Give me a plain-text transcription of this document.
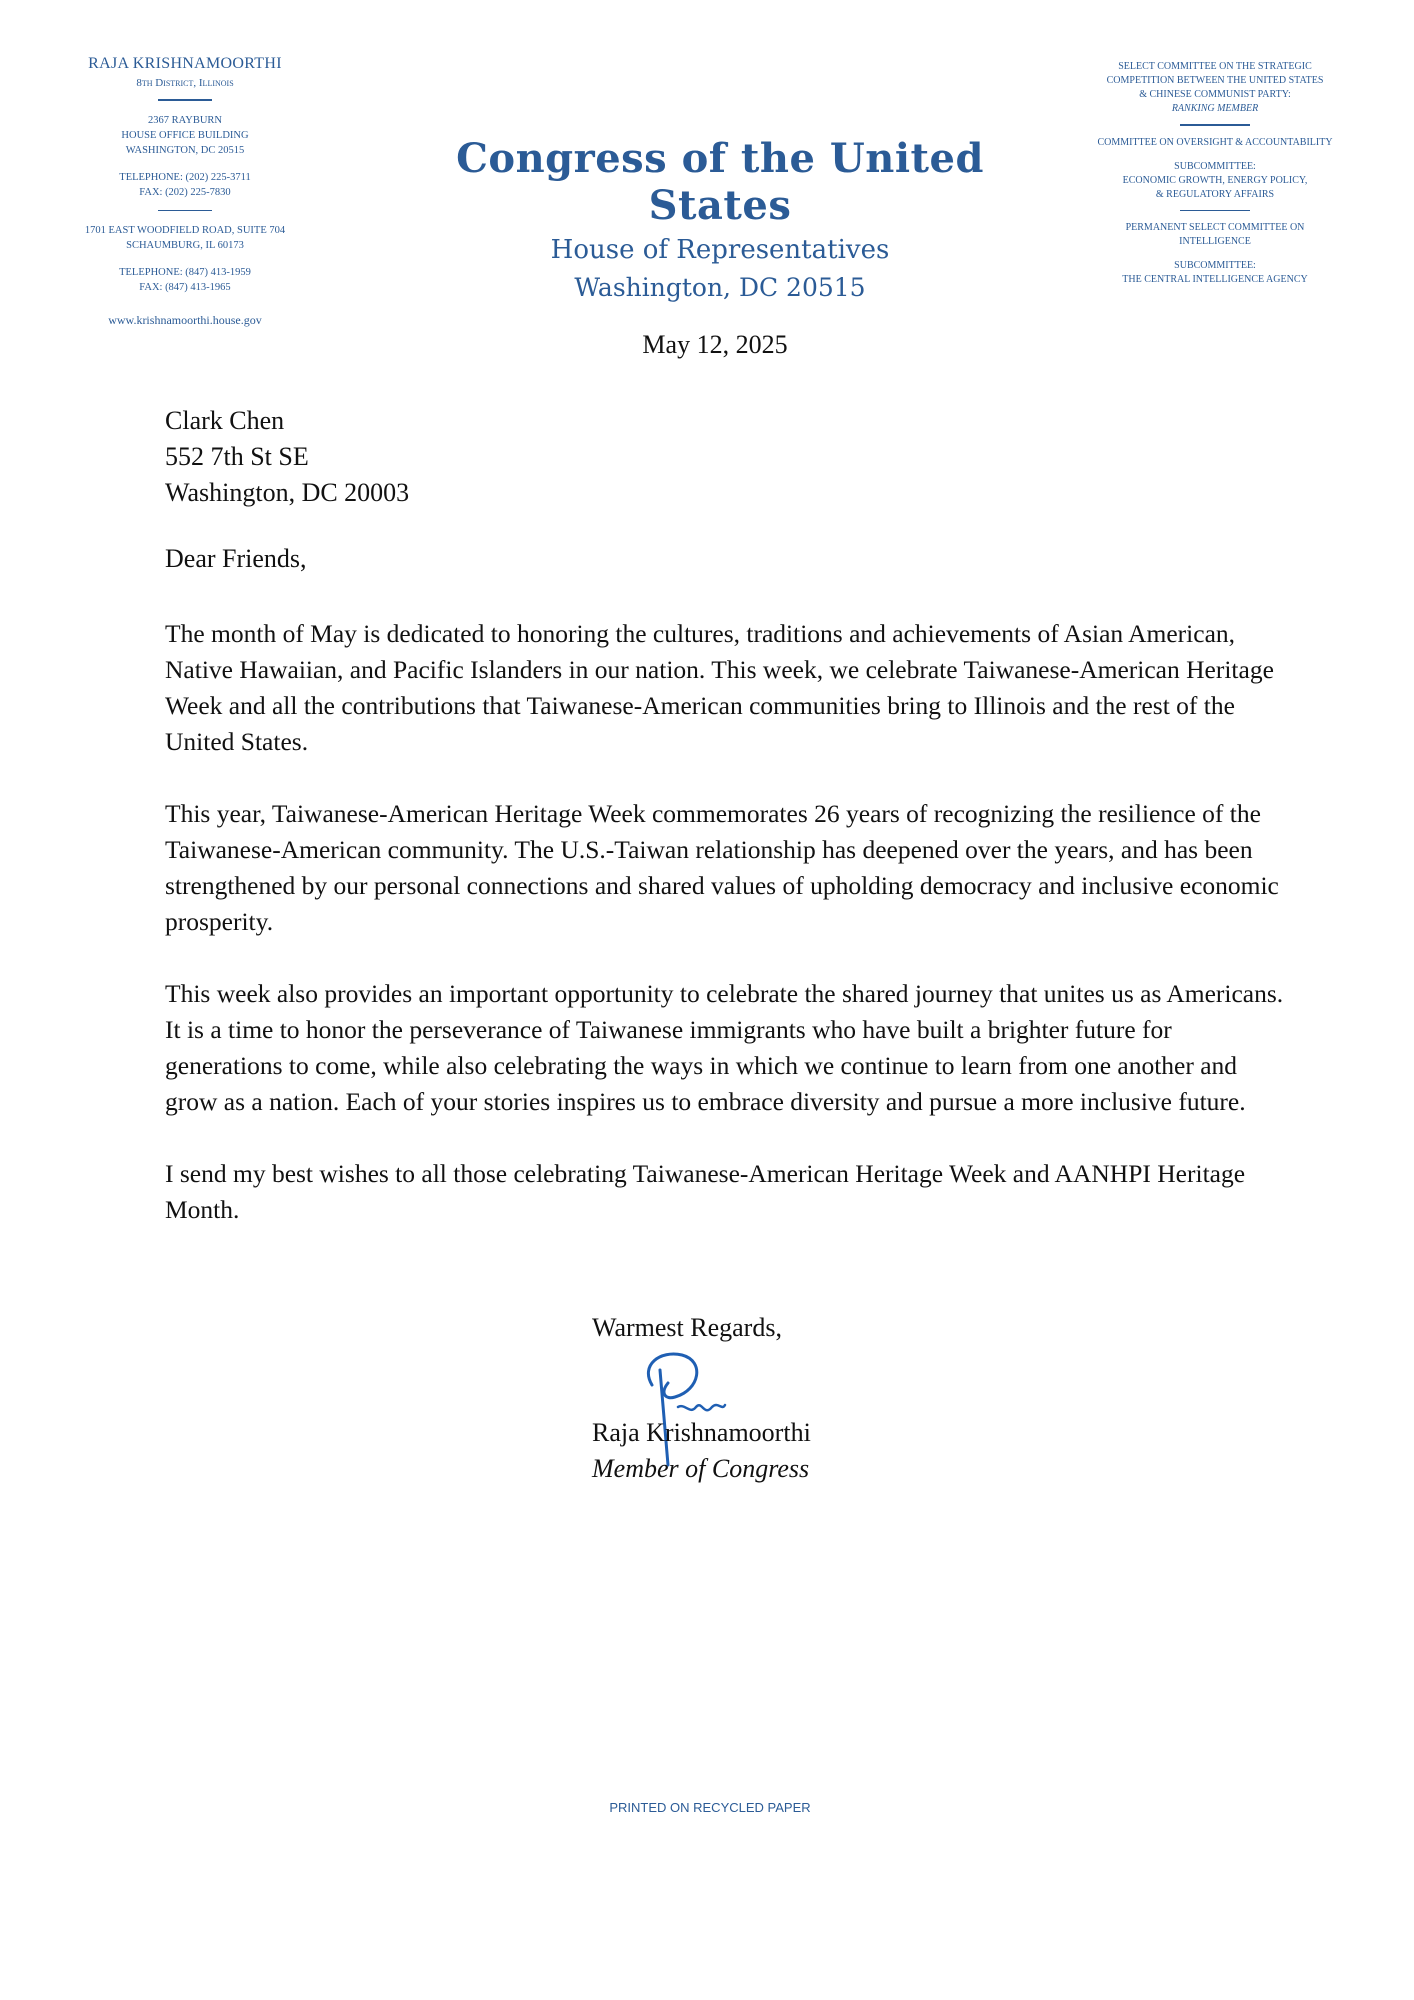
RAJA KRISHNAMOORTHI
8th District, Illinois
2367 RAYBURN
HOUSE OFFICE BUILDING
WASHINGTON, DC 20515
TELEPHONE: (202) 225-3711
FAX: (202) 225-7830
1701 EAST WOODFIELD ROAD, SUITE 704
SCHAUMBURG, IL 60173
TELEPHONE: (847) 413-1959
FAX: (847) 413-1965
www.krishnamoorthi.house.gov
Congress of the United States
House of Representatives
Washington, DC 20515
SELECT COMMITTEE ON THE STRATEGIC
COMPETITION BETWEEN THE UNITED STATES
& CHINESE COMMUNIST PARTY:
RANKING MEMBER
COMMITTEE ON OVERSIGHT & ACCOUNTABILITY
SUBCOMMITTEE:
ECONOMIC GROWTH, ENERGY POLICY,
& REGULATORY AFFAIRS
PERMANENT SELECT COMMITTEE ON
INTELLIGENCE
SUBCOMMITTEE:
THE CENTRAL INTELLIGENCE AGENCY
May 12, 2025
Clark Chen
552 7th St SE
Washington, DC 20003
Dear Friends,

The month of May is dedicated to honoring the cultures, traditions and achievements of Asian American, Native Hawaiian, and Pacific Islanders in our nation. This week, we celebrate Taiwanese-American Heritage Week and all the contributions that Taiwanese-American communities bring to Illinois and the rest of the United States.

This year, Taiwanese-American Heritage Week commemorates 26 years of recognizing the resilience of the Taiwanese-American community. The U.S.-Taiwan relationship has deepened over the years, and has been strengthened by our personal connections and shared values of upholding democracy and inclusive economic prosperity.

This week also provides an important opportunity to celebrate the shared journey that unites us as Americans. It is a time to honor the perseverance of Taiwanese immigrants who have built a brighter future for generations to come, while also celebrating the ways in which we continue to learn from one another and grow as a nation. Each of your stories inspires us to embrace diversity and pursue a more inclusive future.

I send my best wishes to all those celebrating Taiwanese-American Heritage Week and AANHPI Heritage Month.

Warmest Regards,
Raja Krishnamoorthi
Member of Congress
PRINTED ON RECYCLED PAPER
